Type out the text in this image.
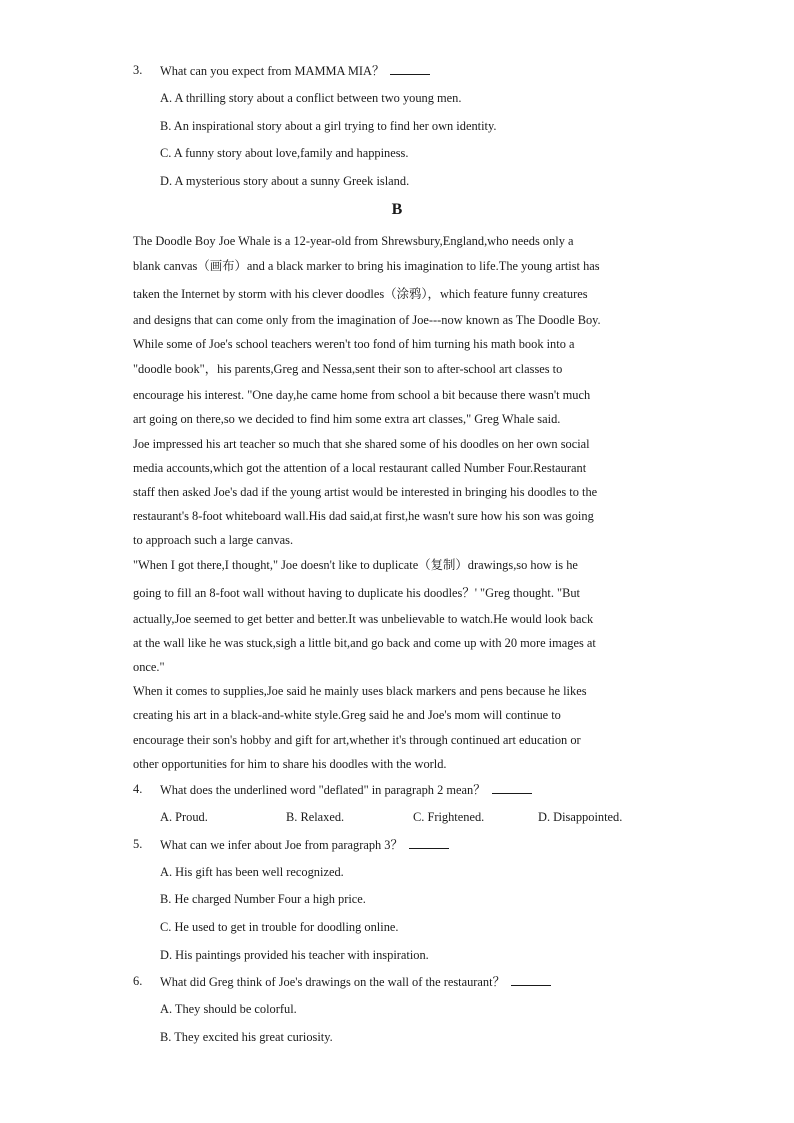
3. What can you expect from MAMMA MIA？
A. A thrilling story about a conflict between two young men.
B. An inspirational story about a girl trying to find her own identity.
C. A funny story about love,family and happiness.
D. A mysterious story about a sunny Greek island.
B
The Doodle Boy Joe Whale is a 12-year-old from Shrewsbury,England,who needs only a
blank canvas（画布）and a black marker to bring his imagination to life.The young artist has
taken the Internet by storm with his clever doodles（涂鸦），which feature funny creatures
and designs that can come only from the imagination of Joe---now known as The Doodle Boy.
While some of Joe's school teachers weren't too fond of him turning his math book into a
"doodle book"，his parents,Greg and Nessa,sent their son to after-school art classes to
encourage his interest. "One day,he came home from school a bit because there wasn't much
art going on there,so we decided to find him some extra art classes," Greg Whale said.
Joe impressed his art teacher so much that she shared some of his doodles on her own social
media accounts,which got the attention of a local restaurant called Number Four.Restaurant
staff then asked Joe's dad if the young artist would be interested in bringing his doodles to the
restaurant's 8-foot whiteboard wall.His dad said,at first,he wasn't sure how his son was going
to approach such a large canvas.
"When I got there,I thought," Joe doesn't like to duplicate（复制）drawings,so how is he
going to fill an 8-foot wall without having to duplicate his doodles？' "Greg thought. "But
actually,Joe seemed to get better and better.It was unbelievable to watch.He would look back
at the wall like he was stuck,sigh a little bit,and go back and come up with 20 more images at
once."
When it comes to supplies,Joe said he mainly uses black markers and pens because he likes
creating his art in a black-and-white style.Greg said he and Joe's mom will continue to
encourage their son's hobby and gift for art,whether it's through continued art education or
other opportunities for him to share his doodles with the world.
4. What does the underlined word "deflated" in paragraph 2 mean？
A. Proud.	B. Relaxed.	C. Frightened.	D. Disappointed.
5. What can we infer about Joe from paragraph 3？
A. His gift has been well recognized.
B. He charged Number Four a high price.
C. He used to get in trouble for doodling online.
D. His paintings provided his teacher with inspiration.
6. What did Greg think of Joe's drawings on the wall of the restaurant？
A. They should be colorful.
B. They excited his great curiosity.
